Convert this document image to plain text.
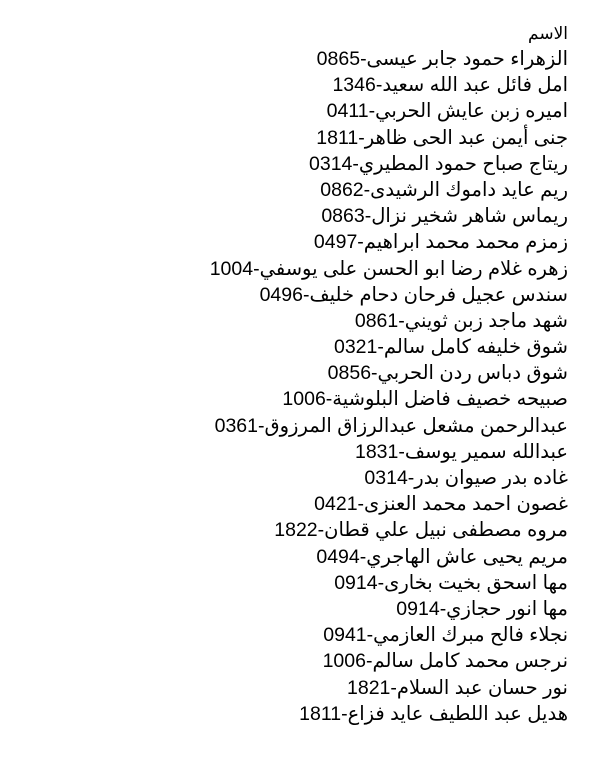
الاسم
الزهراء حمود جابر عيسى-0865
امل فائل عبد الله سعيد-1346
اميره زبن عايش الحربي-0411
جنى أيمن عبد الحى ظاهر-1811
ريتاج صباح حمود المطيري-0314
ريم عايد داموك الرشيدى-0862
ريماس شاهر شخير نزال-0863
زمزم محمد محمد ابراهيم-0497
زهره غلام رضا ابو الحسن على يوسفي-1004
سندس عجيل فرحان دحام خليف-0496
شهد ماجد زبن ثويني-0861
شوق خليفه كامل سالم-0321
شوق دباس ردن الحربي-0856
صبيحه خصيف فاضل البلوشية-1006
عبدالرحمن مشعل عبدالرزاق المرزوق-0361
عبدالله سمير يوسف-1831
غاده بدر صيوان بدر-0314
غصون احمد محمد العنزى-0421
مروه مصطفى نبيل علي قطان-1822
مريم يحيى عاش الهاجري-0494
مها اسحق بخيت بخارى-0914
مها انور حجازي-0914
نجلاء فالح مبرك العازمي-0941
نرجس محمد كامل سالم-1006
نور حسان عبد السلام-1821
هديل عبد اللطيف عايد فزاع-1811
